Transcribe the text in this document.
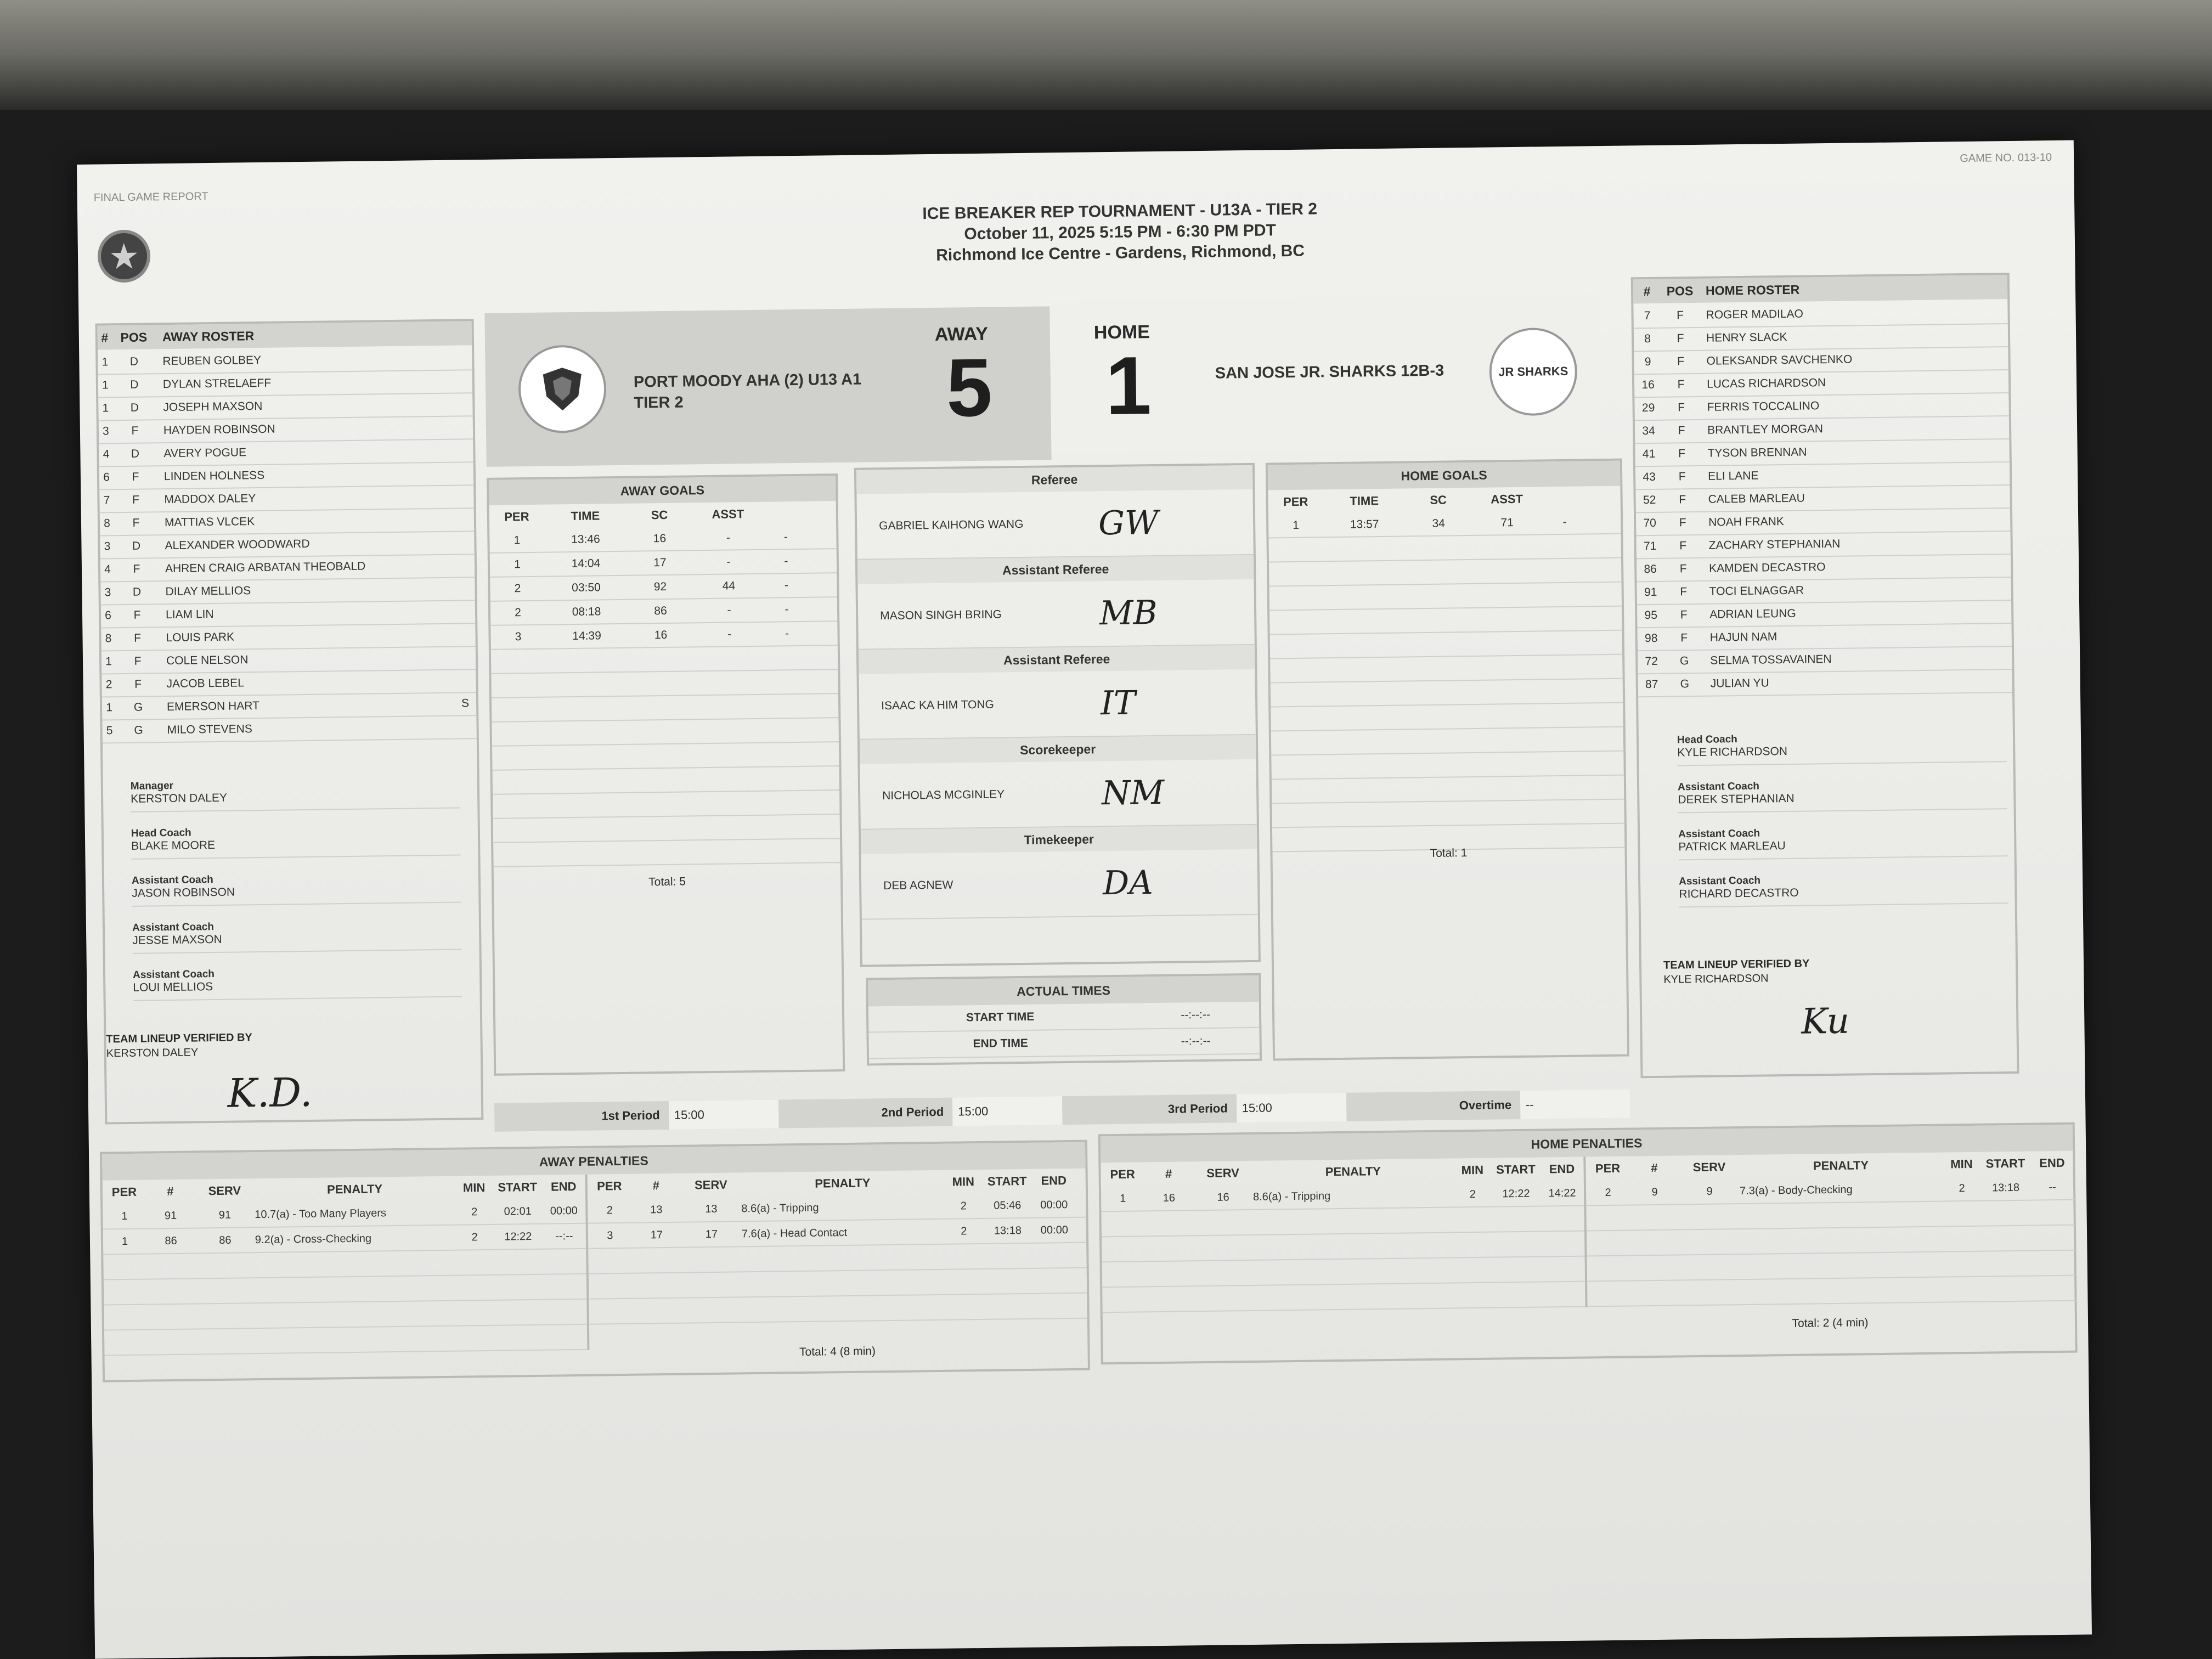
FINAL GAME REPORT
GAME NO. 013-10
ICE BREAKER REP TOURNAMENT - U13A - TIER 2
October 11, 2025 5:15 PM - 6:30 PM PDT
Richmond Ice Centre - Gardens, Richmond, BC
# POS	AWAY ROSTER
1	D	REUBEN GOLBEY
1	D	DYLAN STRELAEFF
1	D	JOSEPH MAXSON
3	F	HAYDEN ROBINSON
4	D	AVERY POGUE
6	F	LINDEN HOLNESS
7	F	MADDOX DALEY
8	F	MATTIAS VLCEK
3	D	ALEXANDER WOODWARD
4	F	AHREN CRAIG ARBATAN THEOBALD
3	D	DILAY MELLIOS
6	F	LIAM LIN
8	F	LOUIS PARK
1	F	COLE NELSON
2	F	JACOB LEBEL
1	G	EMERSON HART	S
5	G	MILO STEVENS
Manager
KERSTON DALEY
Head Coach
BLAKE MOORE
Assistant Coach
JASON ROBINSON
Assistant Coach
JESSE MAXSON
Assistant Coach
LOUI MELLIOS
TEAM LINEUP VERIFIED BY
KERSTON DALEY
K.D.
PORT MOODY AHA (2) U13 A1 TIER 2
AWAY
5
HOME
1	SAN JOSE JR. SHARKS 12B-3	JR SHARKS
AWAY GOALS
PER	TIME	SC	ASST
1	13:46	16	-	-
1	14:04	17	-	-
2	03:50	92	44	-
2	08:18	86	-	-
3	14:39	16	-	-
Total: 5
Referee
GABRIEL KAIHONG WANG	GW
Assistant Referee
MASON SINGH BRING	MB
Assistant Referee
ISAAC KA HIM TONG	IT
Scorekeeper
NICHOLAS MCGINLEY	NM
Timekeeper
DEB AGNEW	DA
ACTUAL TIMES
START TIME	--:--:--
END TIME	--:--:--
HOME GOALS
PER	TIME	SC	ASST
1	13:57	34	71	-
Total: 1
#	POS HOME ROSTER
7	F	ROGER MADILAO
8	F	HENRY SLACK
9	F	OLEKSANDR SAVCHENKO
16	F	LUCAS RICHARDSON
29	F	FERRIS TOCCALINO
34	F	BRANTLEY MORGAN
41	F	TYSON BRENNAN
43	F	ELI LANE
52	F	CALEB MARLEAU
70	F	NOAH FRANK
71	F	ZACHARY STEPHANIAN
86	F	KAMDEN DECASTRO
91	F	TOCI ELNAGGAR
95	F	ADRIAN LEUNG
98	F	HAJUN NAM
72	G	SELMA TOSSAVAINEN
87	G	JULIAN YU
Head Coach
KYLE RICHARDSON
Assistant Coach
DEREK STEPHANIAN
Assistant Coach
PATRICK MARLEAU
Assistant Coach
RICHARD DECASTRO
TEAM LINEUP VERIFIED BY
KYLE RICHARDSON
Ku
1st Period	15:00	2nd Period	15:00	3rd Period	15:00	Overtime	--
AWAY PENALTIES
PER	#	SERV	PENALTY	MIN	START	END
1	91	91	10.7(a) - Too Many Players	2	02:01	00:00
1	86	86	9.2(a) - Cross-Checking	2	12:22	--:--
PER	#	SERV	PENALTY	MIN	START	END
2	13	13	8.6(a) - Tripping	2	05:46	00:00
3	17	17	7.6(a) - Head Contact	2	13:18	00:00
Total: 4 (8 min)
HOME PENALTIES
PER	#	SERV	PENALTY	MIN	START	END
1	16	16	8.6(a) - Tripping	2	12:22	14:22
PER	#	SERV	PENALTY	MIN	START	END
2	9	9	7.3(a) - Body-Checking	2	13:18	--
Total: 2 (4 min)
